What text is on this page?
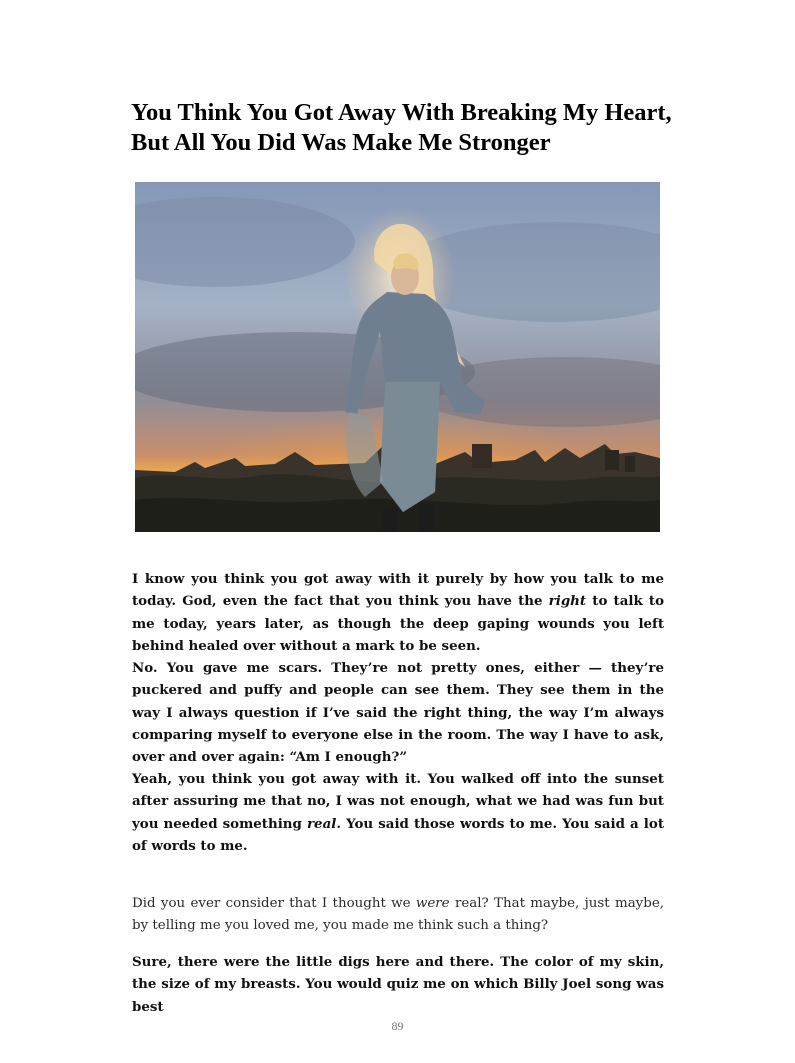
You Think You Got Away With Breaking My Heart, But All You Did Was Make Me Stronger

I know you think you got away with it purely by how you talk to me today. God, even the fact that you think you have the right to talk to me today, years later, as though the deep gaping wounds you left behind healed over without a mark to be seen.

No. You gave me scars. They’re not pretty ones, either — they’re puckered and puffy and people can see them. They see them in the way I always question if I’ve said the right thing, the way I’m always comparing myself to everyone else in the room. The way I have to ask, over and over again: “Am I enough?”

Yeah, you think you got away with it. You walked off into the sunset after assuring me that no, I was not enough, what we had was fun but you needed something real. You said those words to me. You said a lot of words to me.

Did you ever consider that I thought we were real? That maybe, just maybe, by telling me you loved me, you made me think such a thing?

Sure, there were the little digs here and there. The color of my skin, the size of my breasts. You would quiz me on which Billy Joel song was best

89
